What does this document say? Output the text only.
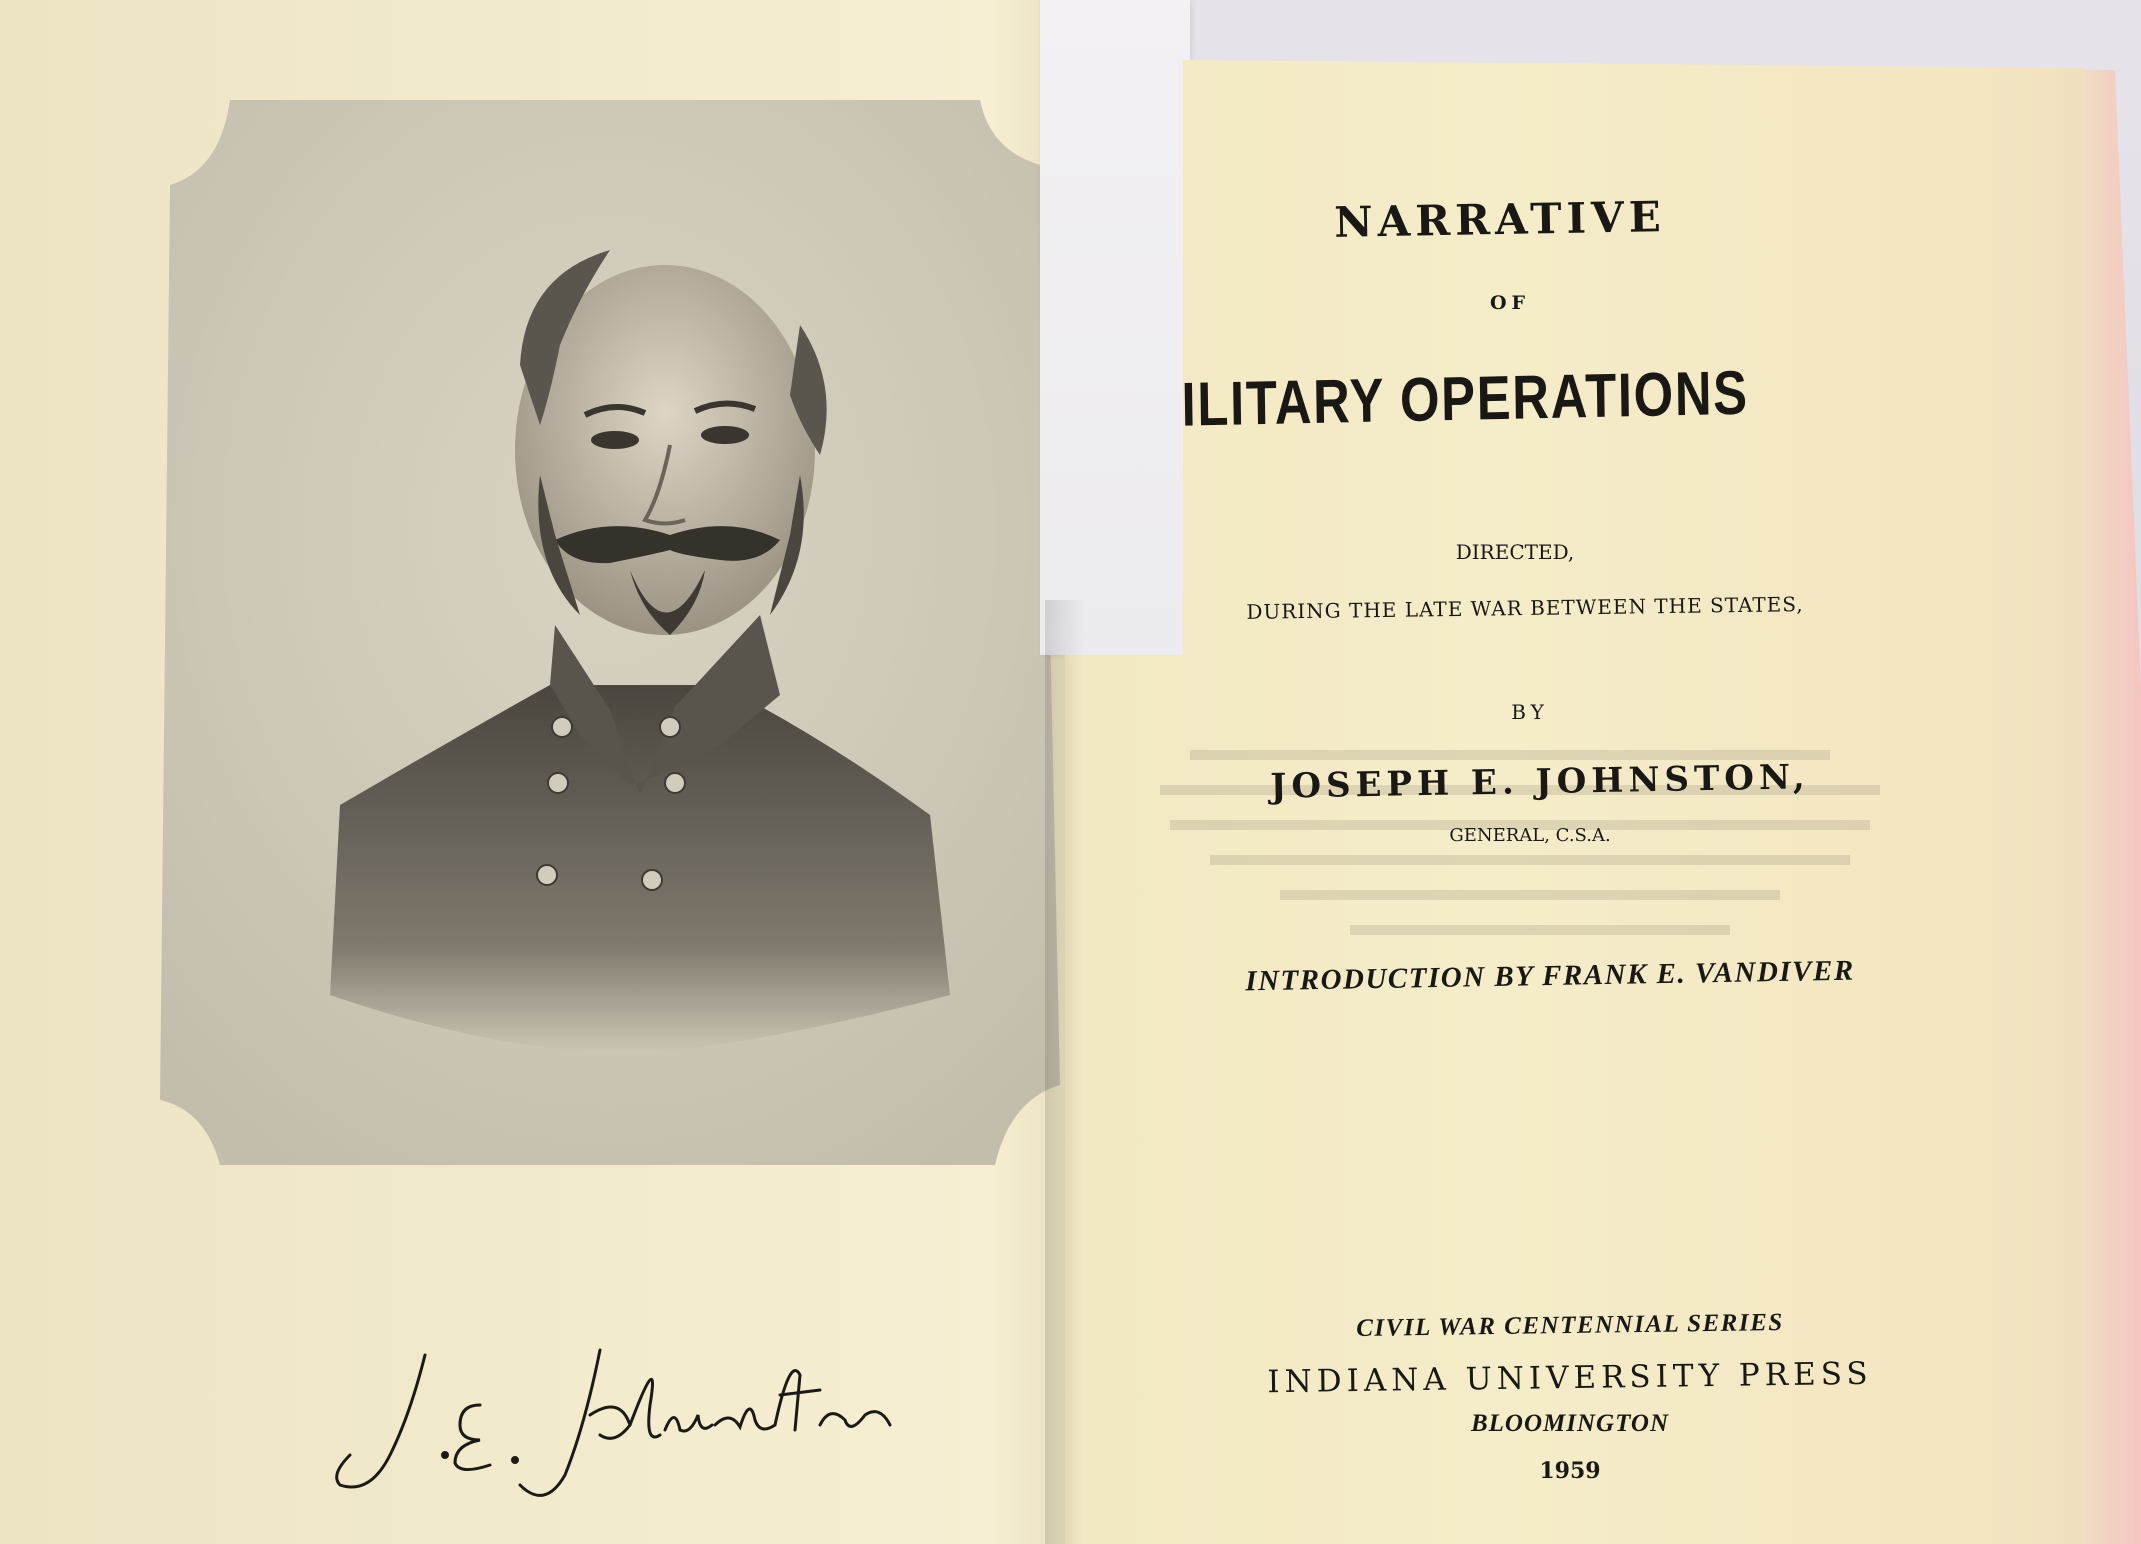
NARRATIVE
OF
ILITARY OPERATIONS
DIRECTED,
DURING THE LATE WAR BETWEEN THE STATES,
BY
JOSEPH E. JOHNSTON,
GENERAL, C.S.A.
INTRODUCTION BY FRANK E. VANDIVER
CIVIL WAR CENTENNIAL SERIES
INDIANA UNIVERSITY PRESS
BLOOMINGTON
1959
